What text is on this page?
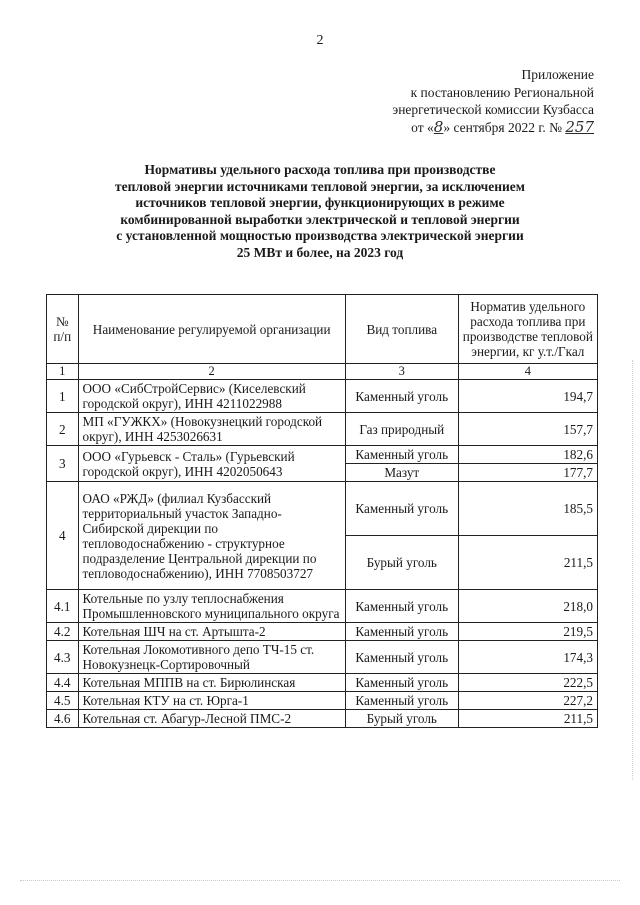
2
Приложение
к постановлению Региональной
энергетической комиссии Кузбасса
от «8» сентября 2022 г. № 257
Нормативы удельного расхода топлива при производстве
тепловой энергии источниками тепловой энергии, за исключением
источников тепловой энергии, функционирующих в режиме
комбинированной выработки электрической и тепловой энергии
с установленной мощностью производства электрической энергии
25 МВт и более, на 2023 год
№ п/п	Наименование регулируемой организации	Вид топлива	Норматив удельного расхода топлива при производстве тепловой энергии, кг у.т./Гкал
1	2	3	4
1	ООО «СибСтройСервис» (Киселевский городской округ), ИНН 4211022988	Каменный уголь	194,7
2	МП «ГУЖКХ» (Новокузнецкий городской округ), ИНН 4253026631	Газ природный	157,7
3	ООО «Гурьевск - Сталь» (Гурьевский городской округ), ИНН 4202050643	Каменный уголь	182,6
		Мазут	177,7
4	ОАО «РЖД» (филиал Кузбасский территориальный участок Западно-Сибирской дирекции по тепловодоснабжению - структурное подразделение Центральной дирекции по тепловодоснабжению), ИНН 7708503727	Каменный уголь	185,5
		Бурый уголь	211,5
4.1	Котельные по узлу теплоснабжения Промышленновского муниципального округа	Каменный уголь	218,0
4.2	Котельная ШЧ на ст. Артышта-2	Каменный уголь	219,5
4.3	Котельная Локомотивного депо ТЧ-15 ст. Новокузнецк-Сортировочный	Каменный уголь	174,3
4.4	Котельная МППВ на ст. Бирюлинская	Каменный уголь	222,5
4.5	Котельная КТУ на ст. Юрга-1	Каменный уголь	227,2
4.6	Котельная ст. Абагур-Лесной ПМС-2	Бурый уголь	211,5
